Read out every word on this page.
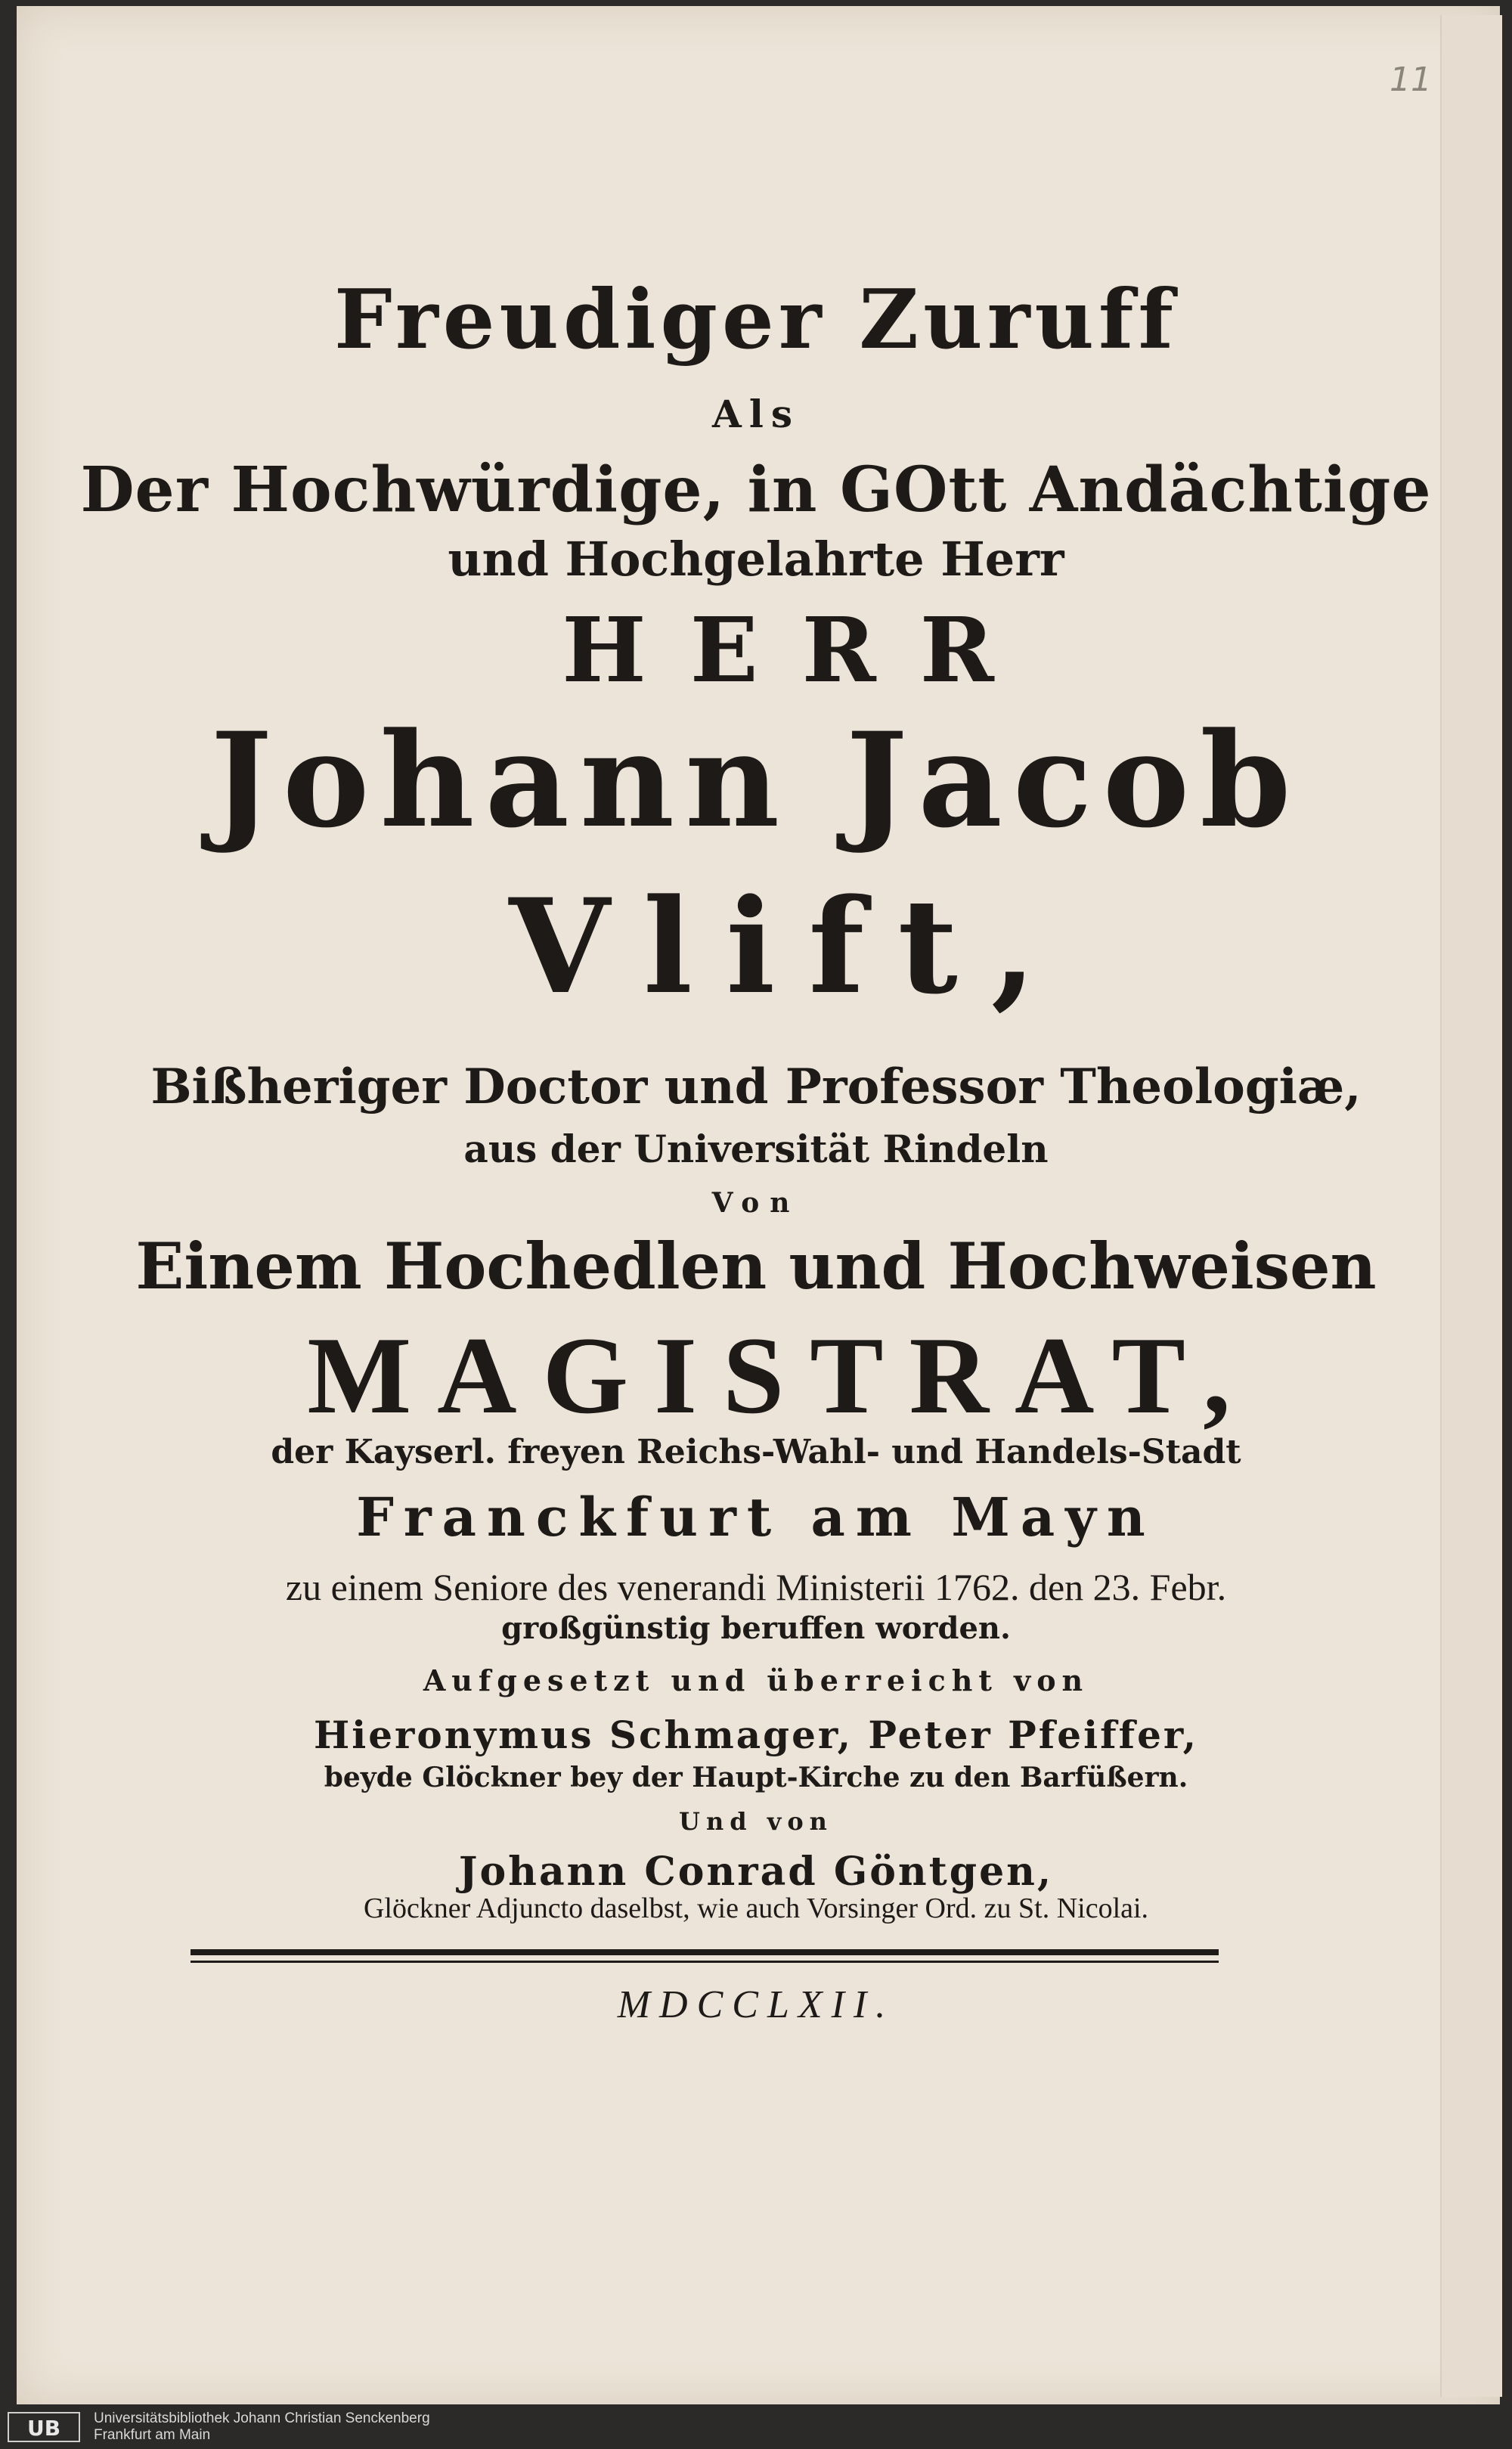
11
Freudiger Zuruff
Als
Der Hochwürdige, in GOtt Andächtige
und Hochgelahrte Herr
HERR
Johann Jacob
Vlift,
Bißheriger Doctor und Professor Theologiæ,
aus der Universität Rindeln
Von
Einem Hochedlen und Hochweisen
MAGISTRAT,
der Kayserl. freyen Reichs-Wahl- und Handels-Stadt
Franckfurt am Mayn
zu einem Seniore des venerandi Ministerii 1762. den 23. Febr.
großgünstig beruffen worden.
Aufgesetzt und überreicht von
Hieronymus Schmager, Peter Pfeiffer,
beyde Glöckner bey der Haupt-Kirche zu den Barfüßern.
Und von
Johann Conrad Göntgen,
Glöckner Adjuncto daselbst, wie auch Vorsinger Ord. zu St. Nicolai.
MDCCLXII.
UB	Universitätsbibliothek Johann Christian Senckenberg
Frankfurt am Main
